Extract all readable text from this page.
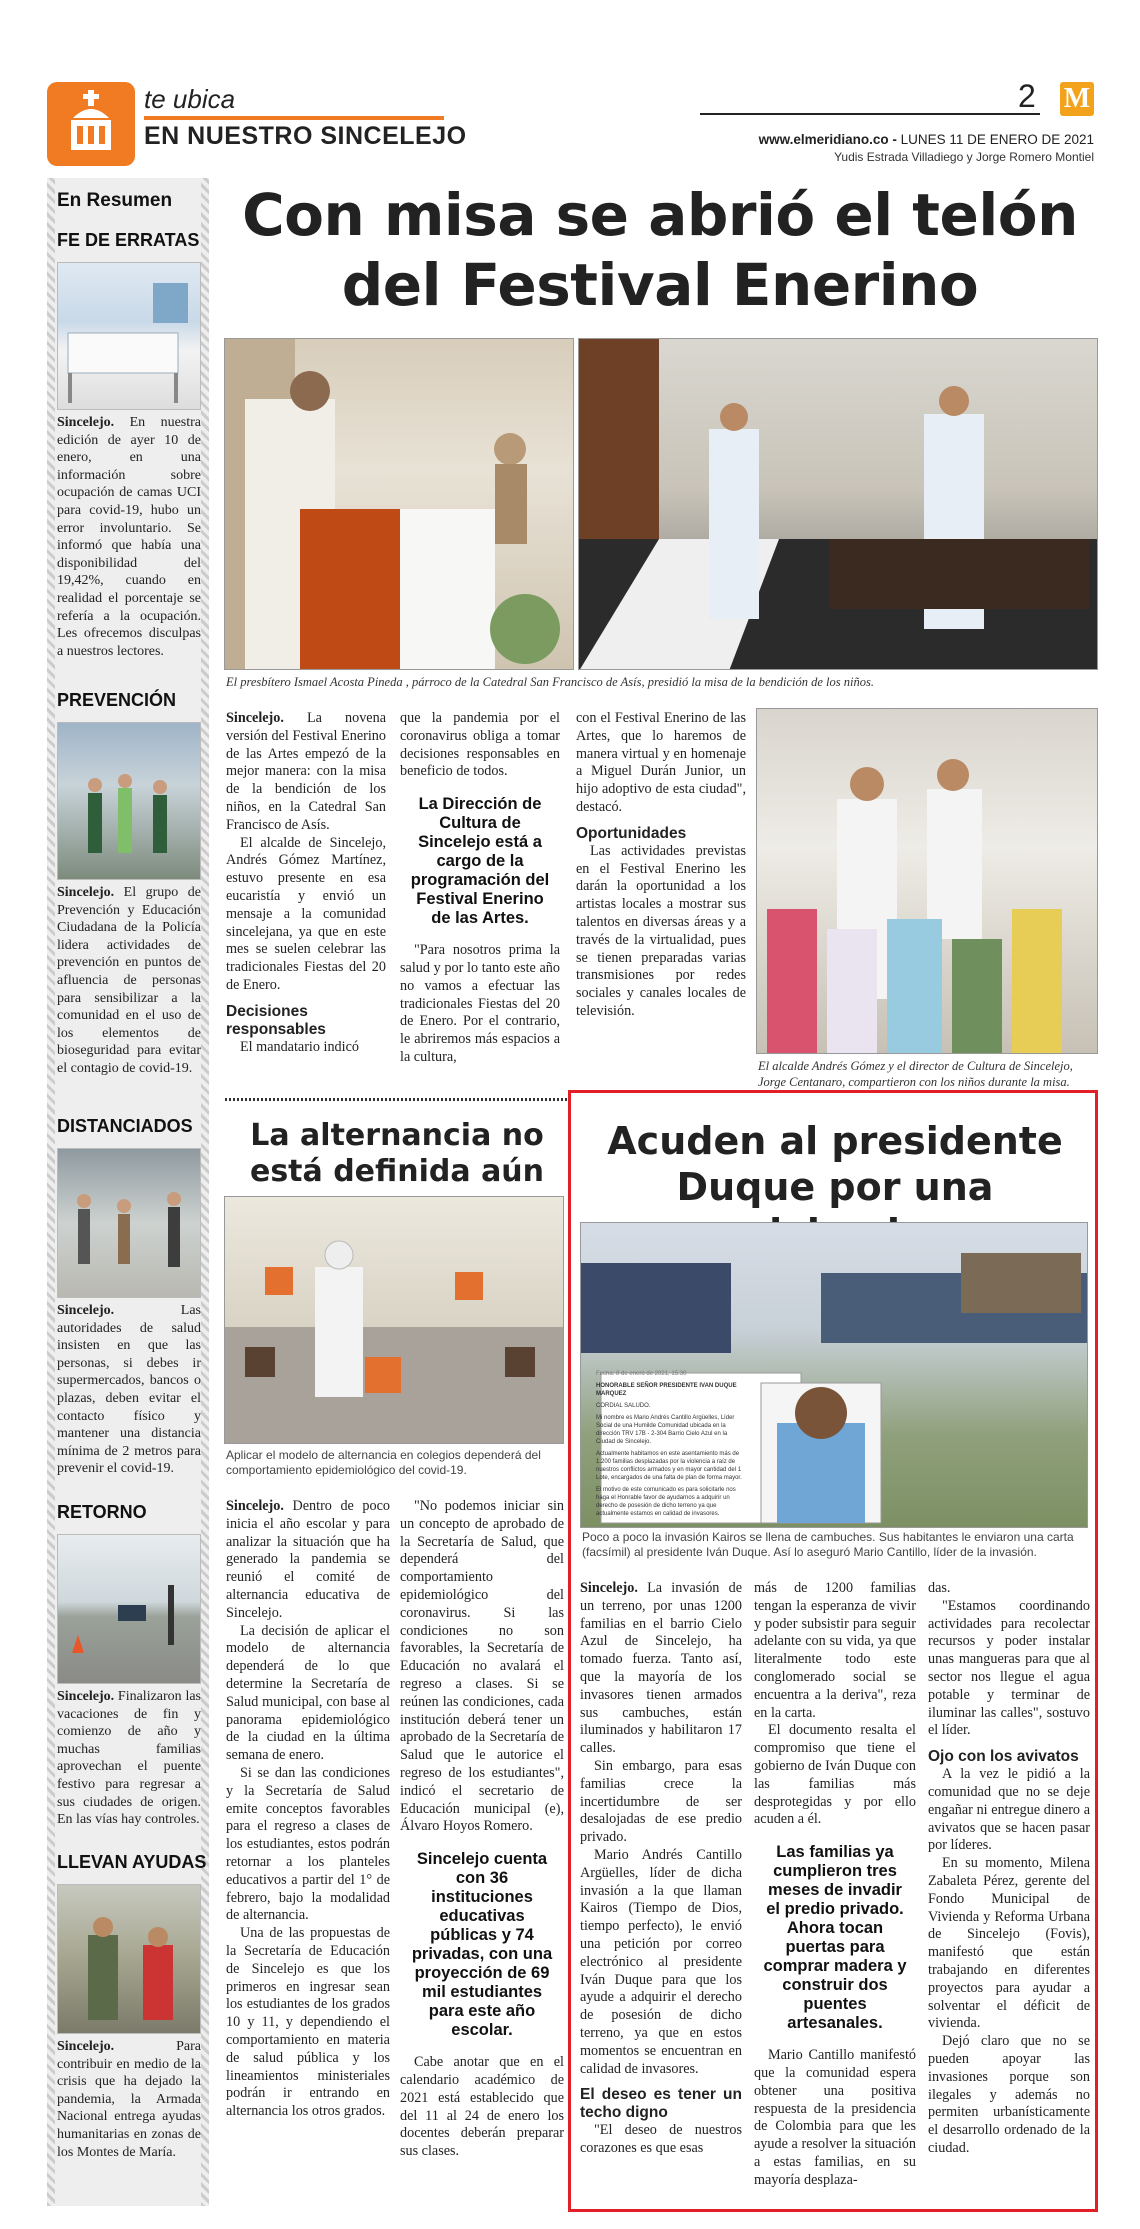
te ubica
EN NUESTRO SINCELEJO
2 M
www.elmeridiano.co - LUNES 11 DE ENERO DE 2021
Yudis Estrada Villadiego y Jorge Romero Montiel
En Resumen
FE DE ERRATAS
Sincelejo. En nuestra edición de ayer 10 de enero, en una información sobre ocupación de camas UCI para covid-19, hubo un error involuntario. Se informó que había una disponibilidad del 19,42%, cuando en realidad el porcentaje se refería a la ocupación. Les ofrecemos disculpas a nuestros lectores.
PREVENCIÓN
Sincelejo. El grupo de Prevención y Educación Ciudadana de la Policía lidera actividades de prevención en puntos de afluencia de personas para sensibilizar a la comunidad en el uso de los elementos de bioseguridad para evitar el contagio de covid-19.
DISTANCIADOS
Sincelejo. Las autoridades de salud insisten en que las personas, si debes ir supermercados, bancos o plazas, deben evitar el contacto físico y mantener una distancia mínima de 2 metros para prevenir el covid-19.
RETORNO
Sincelejo. Finalizaron las vacaciones de fin y comienzo de año y muchas familias aprovechan el puente festivo para regresar a sus ciudades de origen. En las vías hay controles.
LLEVAN AYUDAS
Sincelejo. Para contribuir en medio de la crisis que ha dejado la pandemia, la Armada Nacional entrega ayudas humanitarias en zonas de los Montes de María.
Con misa se abrió el telón del Festival Enerino
El presbítero Ismael Acosta Pineda , párroco de la Catedral San Francisco de Asís, presidió la misa de la bendición de los niños.

Sincelejo. La novena versión del Festival Enerino de las Artes empezó de la mejor manera: con la misa de la bendición de los niños, en la Catedral San Francisco de Asís.

El alcalde de Sincelejo, Andrés Gómez Martínez, estuvo presente en esa eucaristía y envió un mensaje a la comunidad sincelejana, ya que en este mes se suelen celebrar las tradicionales Fiestas del 20 de Enero.

Decisiones responsables

El mandatario indicó

que la pandemia por el coronavirus obliga a tomar decisiones responsables en beneficio de todos.

La Dirección de Cultura de Sincelejo está a cargo de la programación del Festival Enerino de las Artes.

"Para nosotros prima la salud y por lo tanto este año no vamos a efectuar las tradicionales Fiestas del 20 de Enero. Por el contrario, le abriremos más espacios a la cultura,

con el Festival Enerino de las Artes, que lo haremos de manera virtual y en homenaje a Miguel Durán Junior, un hijo adoptivo de esta ciudad", destacó.

Oportunidades

Las actividades previstas en el Festival Enerino les darán la oportunidad a los artistas locales a mostrar sus talentos en diversas áreas y a través de la virtualidad, pues se tienen preparadas varias transmisiones por redes sociales y canales locales de televisión.

El alcalde Andrés Gómez y el director de Cultura de Sincelejo, Jorge Centanaro, compartieron con los niños durante la misa.
La alternancia no está definida aún
Aplicar el modelo de alternancia en colegios dependerá del comportamiento epidemiológico del covid-19.

Sincelejo. Dentro de poco inicia el año escolar y para analizar la situación que ha generado la pandemia se reunió el comité de alternancia educativa de Sincelejo.

La decisión de aplicar el modelo de alternancia dependerá de lo que determine la Secretaría de Salud municipal, con base al panorama epidemiológico de la ciudad en la última semana de enero.

Si se dan las condiciones y la Secretaría de Salud emite conceptos favorables para el regreso a clases de los estudiantes, estos podrán retornar a los planteles educativos a partir del 1° de febrero, bajo la modalidad de alternancia.

Una de las propuestas de la Secretaría de Educación de Sincelejo es que los primeros en ingresar sean los estudiantes de los grados 10 y 11, y dependiendo el comportamiento en materia de salud pública y los lineamientos ministeriales podrán ir entrando en alternancia los otros grados.

"No podemos iniciar sin un concepto de aprobado de la Secretaría de Salud, que dependerá del comportamiento epidemiológico del coronavirus. Si las condiciones no son favorables, la Secretaría de Educación no avalará el regreso a clases. Si se reúnen las condiciones, cada institución deberá tener un aprobado de la Secretaría de Salud que le autorice el regreso de los estudiantes", indicó el secretario de Educación municipal (e), Álvaro Hoyos Romero.

Sincelejo cuenta con 36 instituciones educativas públicas y 74 privadas, con una proyección de 69 mil estudiantes para este año escolar.

Cabe anotar que en el calendario académico de 2021 está establecido que del 11 al 24 de enero los docentes deberán preparar sus clases.

Acuden al presidente Duque por una
Fecha: 8 de enero de 2021, 15:30
HONORABLE SEÑOR PRESIDENTE IVAN DUQUE MARQUEZ
CORDIAL SALUDO.
Mi nombre es Mario Andrés Cantillo Argüelles, Líder Social de una Humilde Comunidad ubicada en la dirección TRV 17B - 2-304 Barrio Cielo Azul en la Ciudad de Sincelejo.
Actualmente habitamos en este asentamiento más de 1.200 familias desplazadas por la violencia a raíz de nuestros conflictos armados y en mayor cantidad del 1 Lote, encargados de una falta de plan de forma mayor.
El motivo de este comunicado es para solicitarle nos haga el Honrable favor de ayudarnos a adquirir un derecho de posesión de dicho terreno ya que actualmente estamos en calidad de invasores.
Poco a poco la invasión Kairos se llena de cambuches. Sus habitantes le enviaron una carta (facsímil) al presidente Iván Duque. Así lo aseguró Mario Cantillo, líder de la invasión.

Sincelejo. La invasión de un terreno, por unas 1200 familias en el barrio Cielo Azul de Sincelejo, ha tomado fuerza. Tanto así, que la mayoría de los invasores tienen armados sus cambuches, están iluminados y habilitaron 17 calles.

Sin embargo, para esas familias crece la incertidumbre de ser desalojadas de ese predio privado.

Mario Andrés Cantillo Argüelles, líder de dicha invasión a la que llaman Kairos (Tiempo de Dios, tiempo perfecto), le envió una petición por correo electrónico al presidente Iván Duque para que los ayude a adquirir el derecho de posesión de dicho terreno, ya que en estos momentos se encuentran en calidad de invasores.

El deseo es tener un techo digno

"El deseo de nuestros corazones es que esas

más de 1200 familias tengan la esperanza de vivir y poder subsistir para seguir adelante con su vida, ya que literalmente todo este conglomerado social se encuentra a la deriva", reza en la carta.

El documento resalta el compromiso que tiene el gobierno de Iván Duque con las familias más desprotegidas y por ello acuden a él.

Las familias ya cumplieron tres meses de invadir el predio privado. Ahora tocan puertas para comprar madera y construir dos puentes artesanales.

Mario Cantillo manifestó que la comunidad espera obtener una positiva respuesta de la presidencia de Colombia para que les ayude a resolver la situación a estas familias, en su mayoría desplaza-

das.

"Estamos coordinando actividades para recolectar recursos y poder instalar unas mangueras para que al sector nos llegue el agua potable y terminar de iluminar las calles", sostuvo el líder.

Ojo con los avivatos

A la vez le pidió a la comunidad que no se deje engañar ni entregue dinero a avivatos que se hacen pasar por líderes.

En su momento, Milena Zabaleta Pérez, gerente del Fondo Municipal de Vivienda y Reforma Urbana de Sincelejo (Fovis), manifestó que están trabajando en diferentes proyectos para ayudar a solventar el déficit de vivienda.

Dejó claro que no se pueden apoyar las invasiones porque son ilegales y además no permiten urbanísticamente el desarrollo ordenado de la ciudad.
